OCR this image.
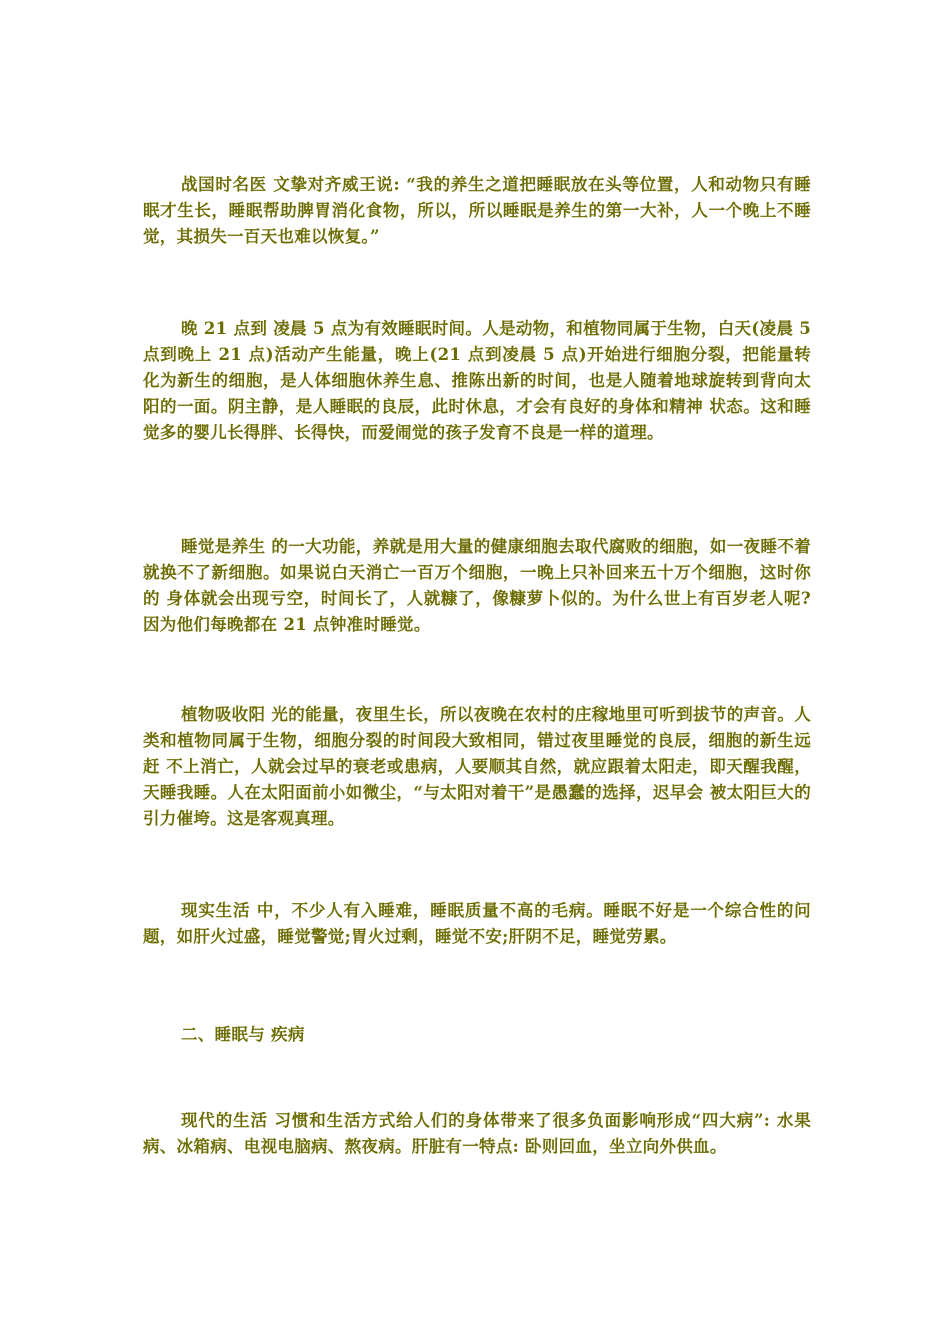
战国时名医 文挚对齐威王说: “我的养生之道把睡眠放在头等位置，人和动物只有睡眠才生长，睡眠帮助脾胃消化食物，所以，所以睡眠是养生的第一大补，人一个晚上不睡 觉，其损失一百天也难以恢复。”

晚 21 点到 凌晨 5 点为有效睡眠时间。人是动物，和植物同属于生物，白天(凌晨 5 点到晚上 21 点)活动产生能量，晚上(21 点到凌晨 5 点)开始进行细胞分裂，把能量转 化为新生的细胞，是人体细胞休养生息、推陈出新的时间，也是人随着地球旋转到背向太阳的一面。阴主静，是人睡眠的良辰，此时休息，才会有良好的身体和精神 状态。这和睡觉多的婴儿长得胖、长得快，而爱闹觉的孩子发育不良是一样的道理。

睡觉是养生 的一大功能，养就是用大量的健康细胞去取代腐败的细胞，如一夜睡不着就换不了新细胞。如果说白天消亡一百万个细胞，一晚上只补回来五十万个细胞，这时你的 身体就会出现亏空，时间长了，人就糠了，像糠萝卜似的。为什么世上有百岁老人呢?因为他们每晚都在 21 点钟准时睡觉。

植物吸收阳 光的能量，夜里生长，所以夜晚在农村的庄稼地里可听到拔节的声音。人类和植物同属于生物，细胞分裂的时间段大致相同，错过夜里睡觉的良辰，细胞的新生远赶 不上消亡，人就会过早的衰老或患病，人要顺其自然，就应跟着太阳走，即天醒我醒，天睡我睡。人在太阳面前小如微尘，“与太阳对着干”是愚蠢的选择，迟早会 被太阳巨大的引力催垮。这是客观真理。

现实生活 中，不少人有入睡难，睡眠质量不高的毛病。睡眠不好是一个综合性的问题，如肝火过盛，睡觉警觉;胃火过剩，睡觉不安;肝阴不足，睡觉劳累。

二、睡眠与 疾病

现代的生活 习惯和生活方式给人们的身体带来了很多负面影响形成“四大病”: 水果病、冰箱病、电视电脑病、熬夜病。肝脏有一特点: 卧则回血，坐立向外供血。
